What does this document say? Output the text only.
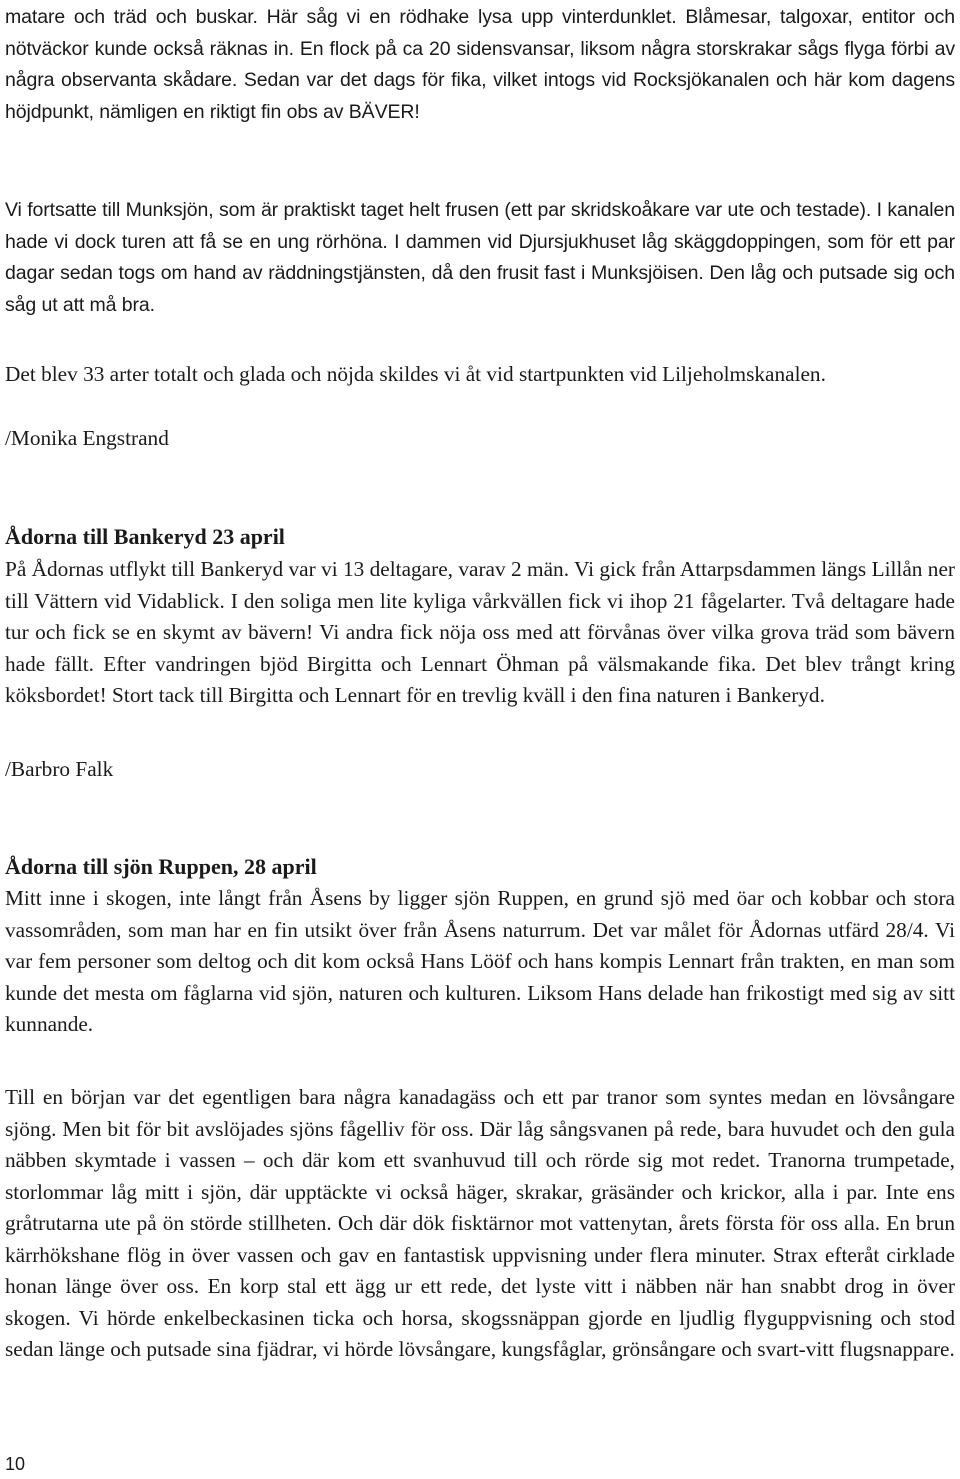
matare och träd och buskar. Här såg vi en rödhake lysa upp vinterdunklet. Blåmesar, talgoxar, entitor och nötväckor kunde också räknas in. En flock på ca 20 sidensvansar, liksom några storskrakar sågs flyga förbi av några observanta skådare. Sedan var det dags för fika, vilket intogs vid Rocksjökanalen och här kom dagens höjdpunkt, nämligen en riktigt fin obs av BÄVER!

Vi fortsatte till Munksjön, som är praktiskt taget helt frusen (ett par skridskoåkare var ute och testade). I kanalen hade vi dock turen att få se en ung rörhöna. I dammen vid Djursjukhuset låg skäggdoppingen, som för ett par dagar sedan togs om hand av räddningstjänsten, då den frusit fast i Munksjöisen. Den låg och putsade sig och såg ut att må bra.

Det blev 33 arter totalt och glada och nöjda skildes vi åt vid startpunkten vid Liljeholmskanalen.

/Monika Engstrand

Ådorna till Bankeryd 23 april

På Ådornas utflykt till Bankeryd var vi 13 deltagare, varav 2 män. Vi gick från Attarpsdammen längs Lillån ner till Vättern vid Vidablick. I den soliga men lite kyliga vårkvällen fick vi ihop 21 fågelarter. Två deltagare hade tur och fick se en skymt av bävern! Vi andra fick nöja oss med att förvånas över vilka grova träd som bävern hade fällt. Efter vandringen bjöd Birgitta och Lennart Öhman på välsmakande fika. Det blev trångt kring köksbordet! Stort tack till Birgitta och Lennart för en trevlig kväll i den fina naturen i Bankeryd.

/Barbro Falk

Ådorna till sjön Ruppen, 28 april

Mitt inne i skogen, inte långt från Åsens by ligger sjön Ruppen, en grund sjö med öar och kobbar och stora vassområden, som man har en fin utsikt över från Åsens naturrum. Det var målet för Ådornas utfärd 28/4. Vi var fem personer som deltog och dit kom också Hans Lööf och hans kompis Lennart från trakten, en man som kunde det mesta om fåglarna vid sjön, naturen och kulturen. Liksom Hans delade han frikostigt med sig av sitt kunnande.

Till en början var det egentligen bara några kanadagäss och ett par tranor som syntes medan en lövsångare sjöng. Men bit för bit avslöjades sjöns fågelliv för oss. Där låg sångsvanen på rede, bara huvudet och den gula näbben skymtade i vassen – och där kom ett svanhuvud till och rörde sig mot redet. Tranorna trumpetade, storlommar låg mitt i sjön, där upptäckte vi också häger, skrakar, gräsänder och krickor, alla i par. Inte ens gråtrutarna ute på ön störde stillheten. Och där dök fisktärnor mot vattenytan, årets första för oss alla. En brun kärrhökshane flög in över vassen och gav en fantastisk uppvisning under flera minuter. Strax efteråt cirklade honan länge över oss. En korp stal ett ägg ur ett rede, det lyste vitt i näbben när han snabbt drog in över skogen. Vi hörde enkelbeckasinen ticka och horsa, skogssnäppan gjorde en ljudlig flyguppvisning och stod sedan länge och putsade sina fjädrar, vi hörde lövsångare, kungsfåglar, grönsångare och svart-vitt flugsnappare.

10
